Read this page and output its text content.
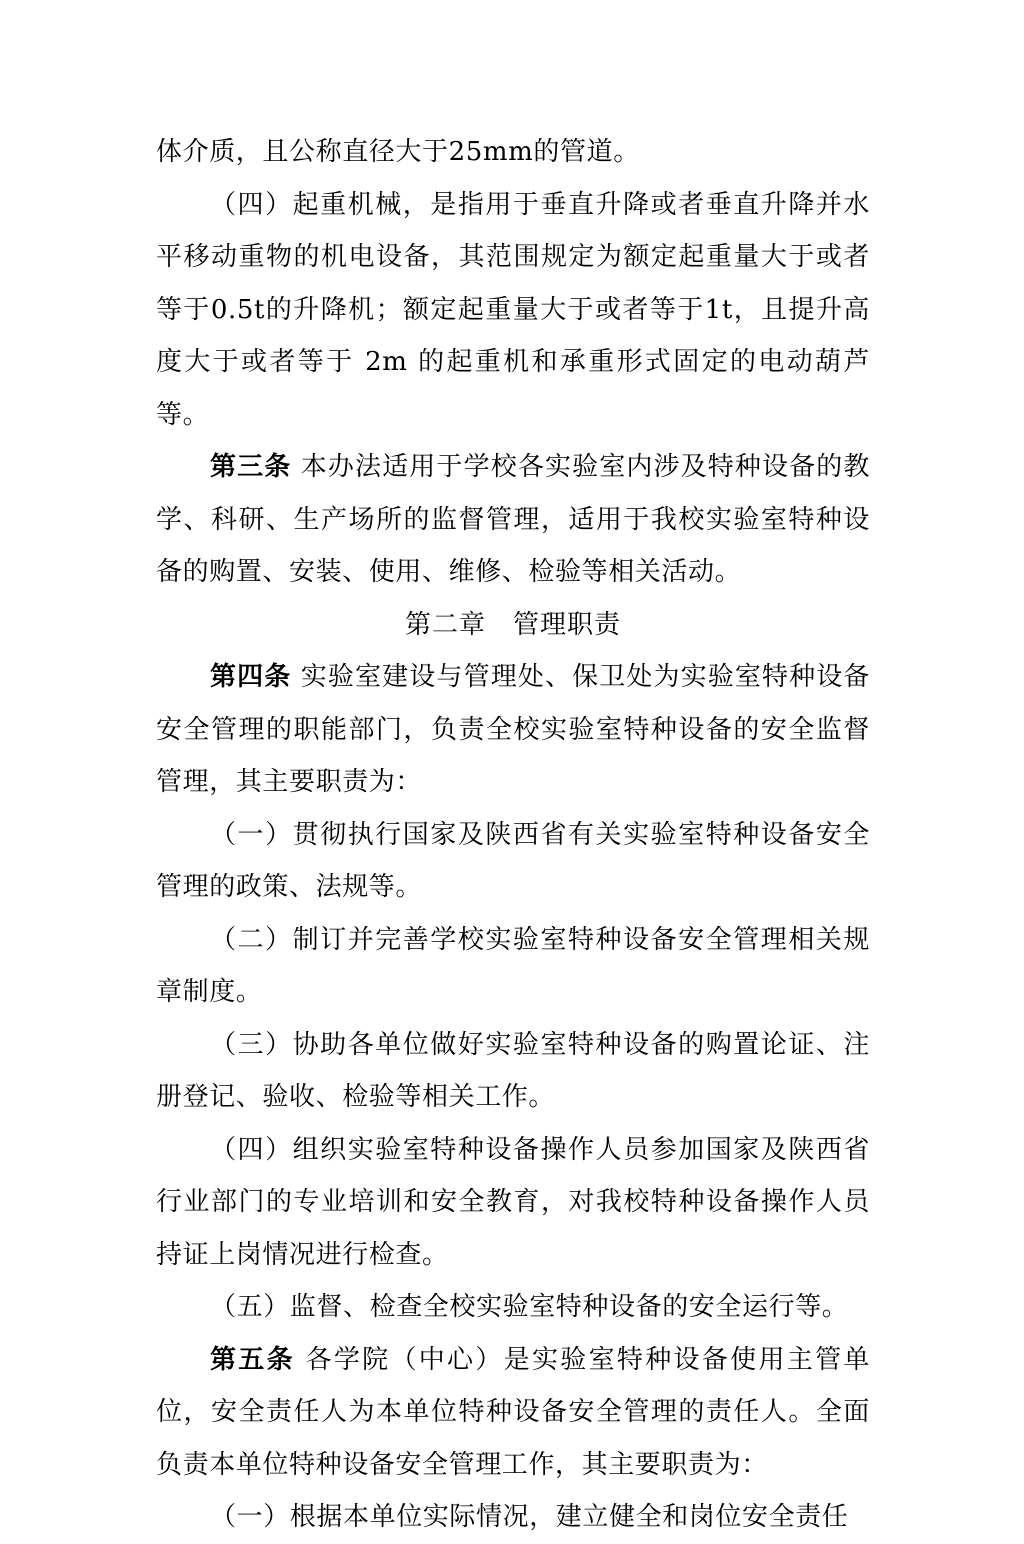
体介质，且公称直径大于25mm的管道。

（四）起重机械，是指用于垂直升降或者垂直升降并水平移动重物的机电设备，其范围规定为额定起重量大于或者等于0.5t的升降机；额定起重量大于或者等于1t，且提升高度大于或者等于 2m 的起重机和承重形式固定的电动葫芦等。

第三条 本办法适用于学校各实验室内涉及特种设备的教学、科研、生产场所的监督管理，适用于我校实验室特种设备的购置、安装、使用、维修、检验等相关活动。

第二章　管理职责

第四条 实验室建设与管理处、保卫处为实验室特种设备安全管理的职能部门，负责全校实验室特种设备的安全监督管理，其主要职责为：

（一）贯彻执行国家及陕西省有关实验室特种设备安全管理的政策、法规等。

（二）制订并完善学校实验室特种设备安全管理相关规章制度。

（三）协助各单位做好实验室特种设备的购置论证、注册登记、验收、检验等相关工作。

（四）组织实验室特种设备操作人员参加国家及陕西省行业部门的专业培训和安全教育，对我校特种设备操作人员持证上岗情况进行检查。

（五）监督、检查全校实验室特种设备的安全运行等。

第五条 各学院（中心）是实验室特种设备使用主管单位，安全责任人为本单位特种设备安全管理的责任人。全面负责本单位特种设备安全管理工作，其主要职责为：

（一）根据本单位实际情况，建立健全和岗位安全责任
